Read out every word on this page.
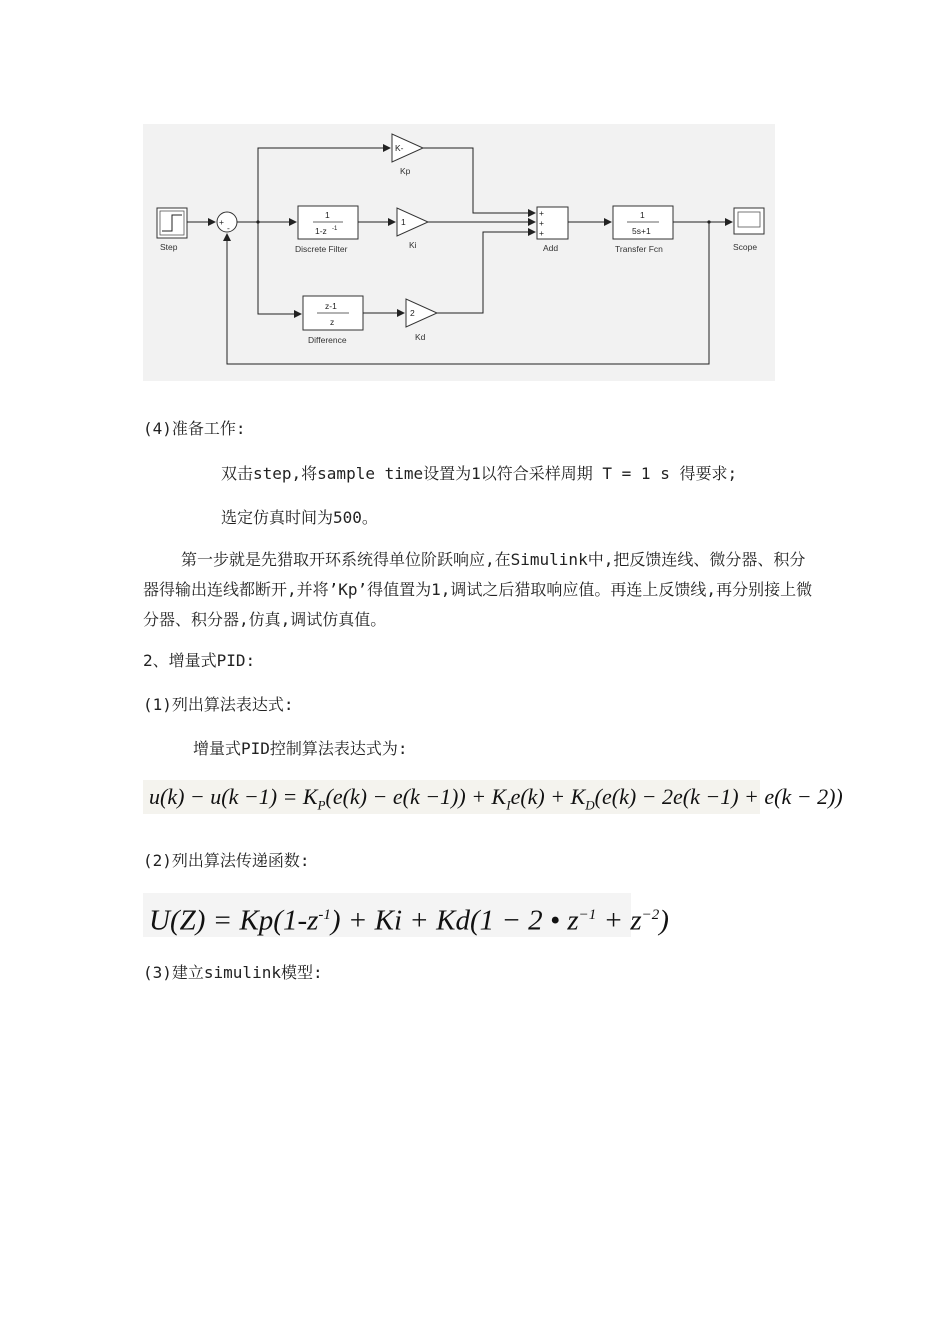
Step
+
-
K-
Kp
1
1-z -1
Discrete Filter
1
Ki
z-1
z
Difference
2
Kd
+
+
+
Add
1
5s+1
Transfer Fcn	Scope

(4)准备工作:

双击step,将sample time设置为1以符合采样周期 T = 1 s 得要求;

选定仿真时间为500。

第一步就是先猎取开环系统得单位阶跃响应,在Simulink中,把反馈连线、微分器、积分器得输出连线都断开,并将’Kp’得值置为1,调试之后猎取响应值。再连上反馈线,再分别接上微分器、积分器,仿真,调试仿真值。

2、增量式PID:

(1)列出算法表达式:

增量式PID控制算法表达式为:

$u(k) - u(k -1) = K_P(e(k) - e(k -1)) + K_Ie(k) + K_D(e(k) - 2e(k -1) + e(k - 2))$

(2)列出算法传递函数:

$U(Z) = Kp(1-z^{-1}) + Ki + Kd(1 - 2$ • $z^{-1} + z^{-2}$)

(3)建立simulink模型:
